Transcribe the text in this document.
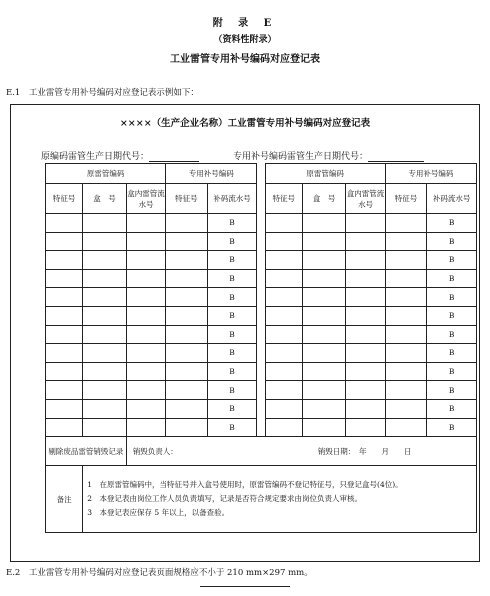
附 录 E
（资料性附录）
工业雷管专用补号编码对应登记表
E.1　工业雷管专用补号编码对应登记表示例如下：
××××（生产企业名称）工业雷管专用补号编码对应登记表
原编码雷管生产日期代号：	专用补号编码雷管生产日期代号：
原雷管编码			专用补号编码			原雷管编码			专用补号编码	
特征号	盒　号	盒内雷管流水号	特征号	补码流水号		特征号	盒　号	盒内雷管流水号	特征号	补码流水号
				B						B
				B						B
				B						B
				B						B
				B						B
				B						B
				B						B
				B						B
				B						B
				B						B
				B						B
				B						B
剔除废品雷管销毁记录		销毁负责人： 销毁日期：　年　　月　　日								
备注	1　在原雷管编码中，当特征号并入盒号使用时，原雷管编码不登记特征号，只登记盒号(4位)。
2　本登记表由岗位工作人员负责填写，记录是否符合规定要求由岗位负责人审核。
3　本登记表应保存 5 年以上，以备查验。									
E.2　工业雷管专用补号编码对应登记表页面规格应不小于 210 mm×297 mm。
